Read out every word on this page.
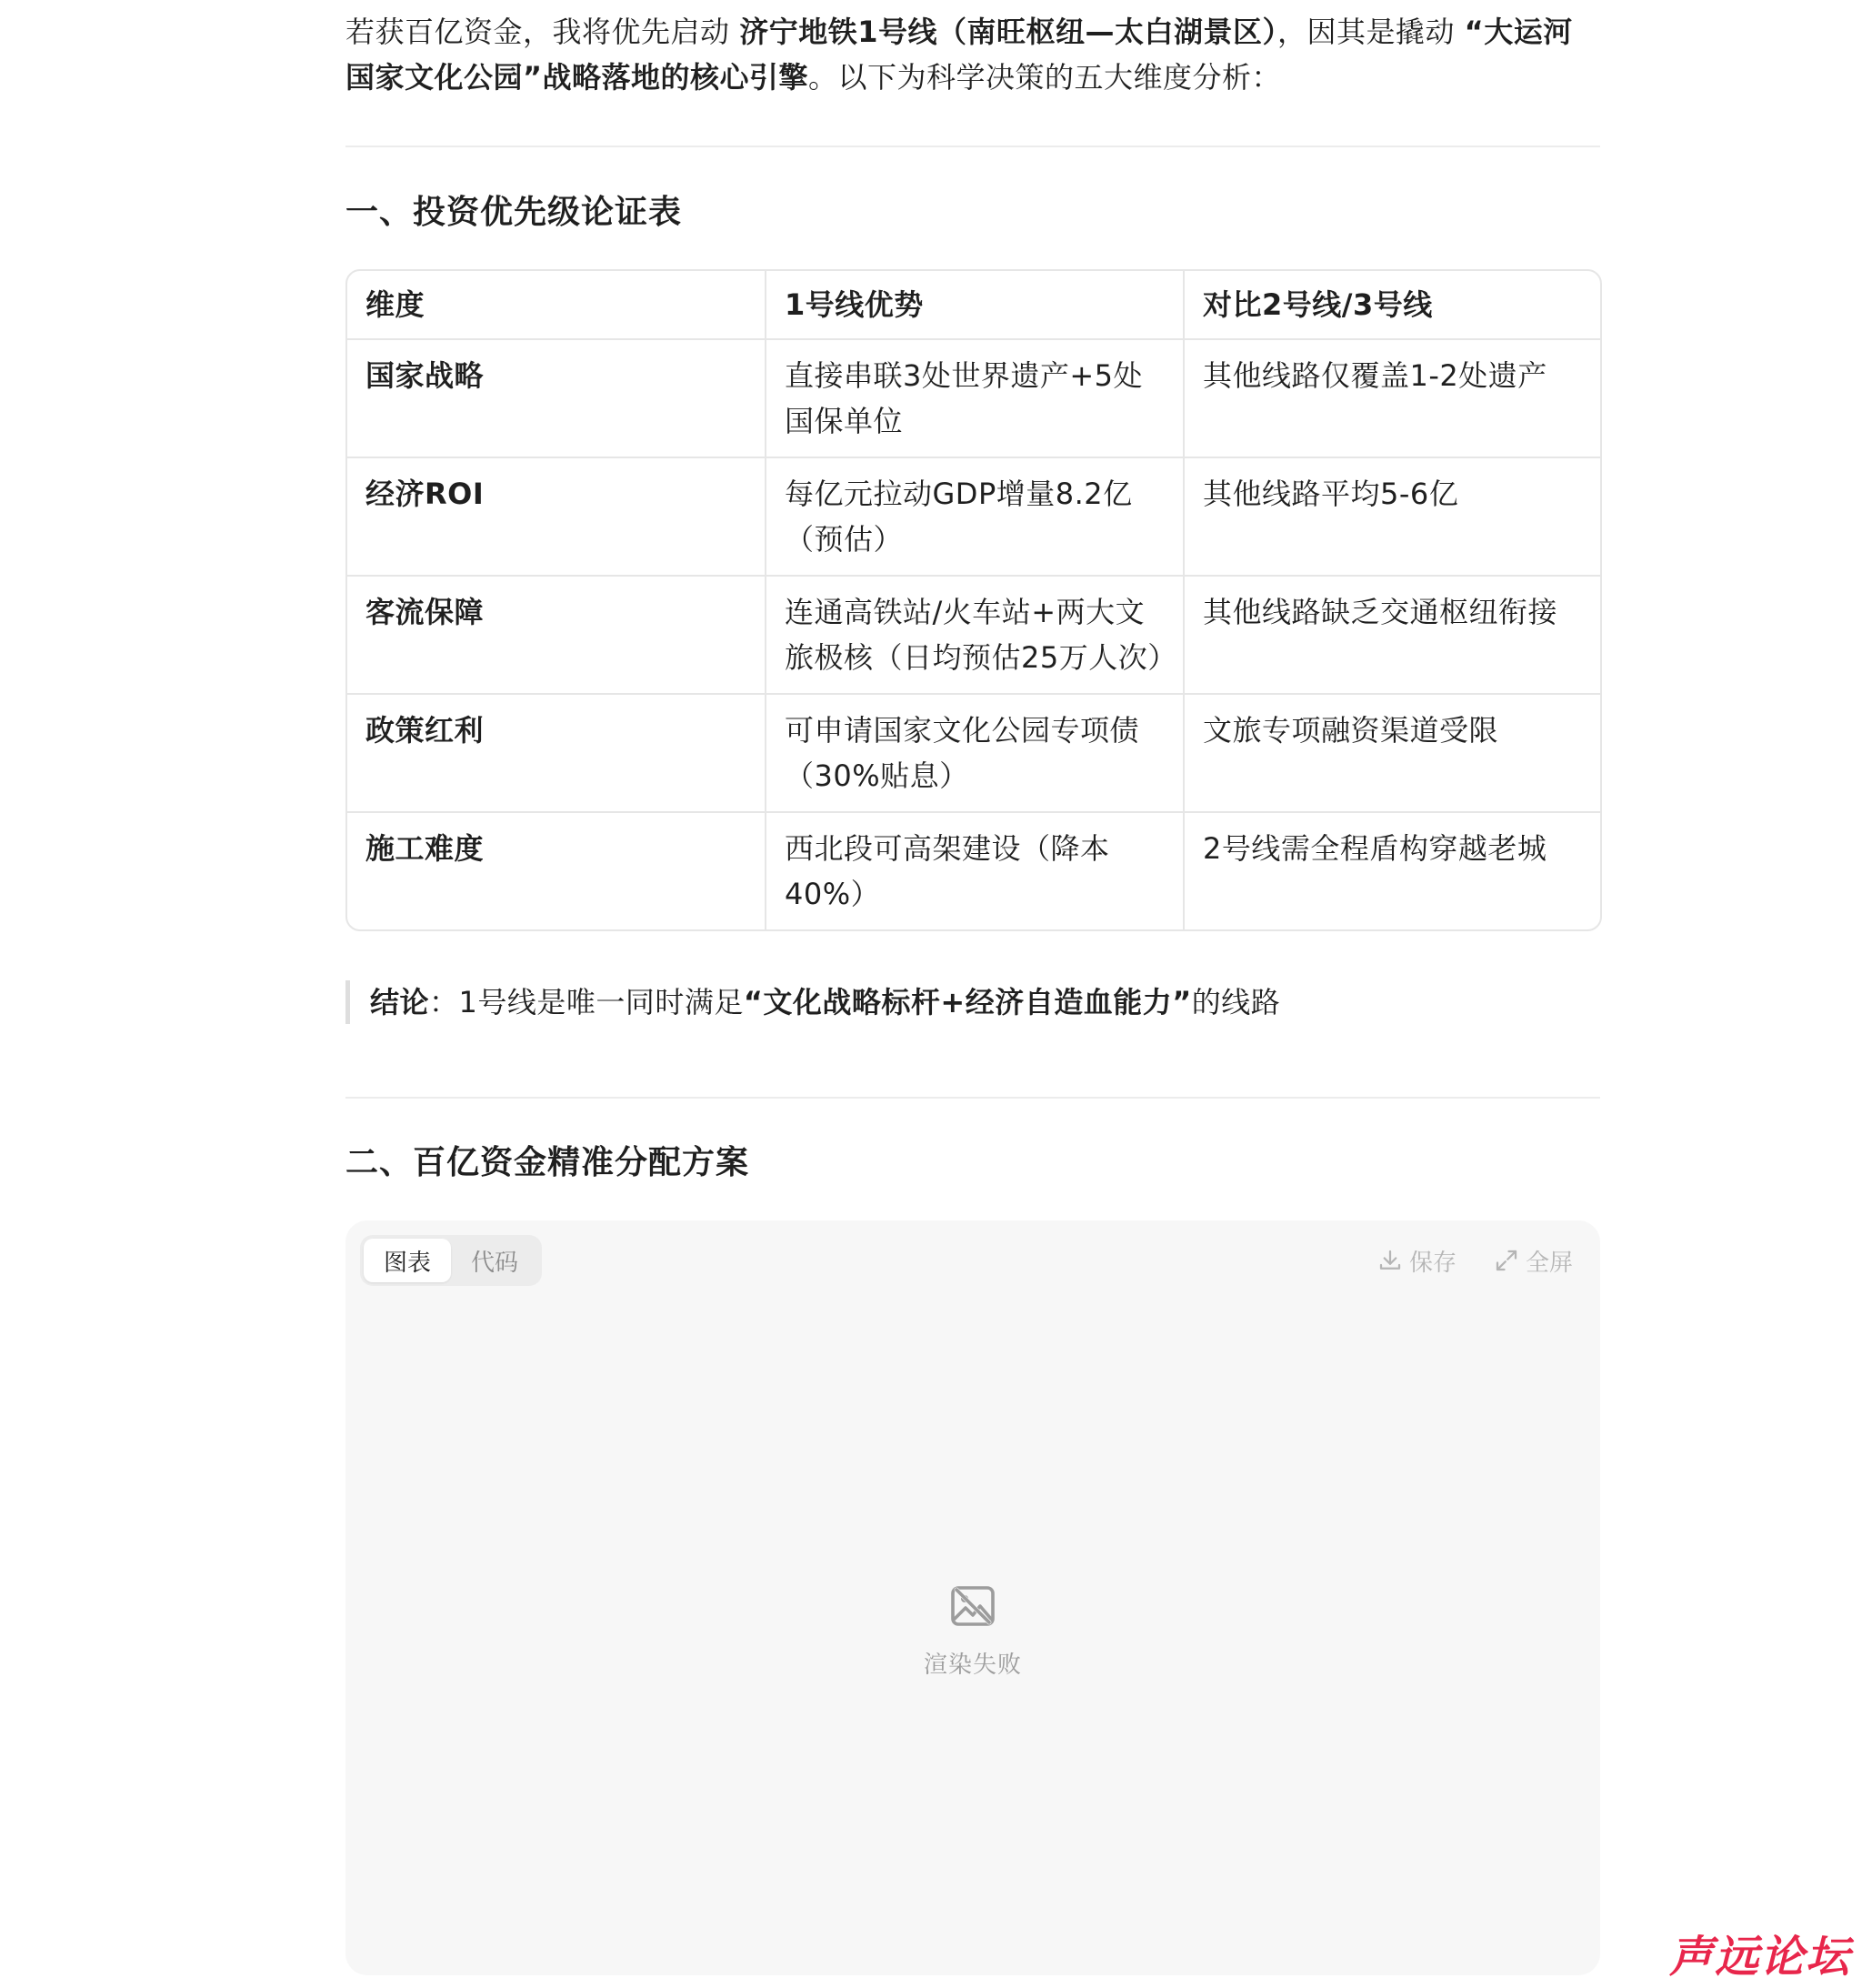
若获百亿资金，我将优先启动 济宁地铁1号线（南旺枢纽—太白湖景区），因其是撬动 “大运河国家文化公园”战略落地的核心引擎。以下为科学决策的五大维度分析：

一、投资优先级论证表
维度	1号线优势	对比2号线/3号线
国家战略	直接串联3处世界遗产+5处国保单位	其他线路仅覆盖1-2处遗产
经济ROI	每亿元拉动GDP增量8.2亿（预估）	其他线路平均5-6亿
客流保障	连通高铁站/火车站+两大文旅极核（日均预估25万人次）	其他线路缺乏交通枢纽衔接
政策红利	可申请国家文化公园专项债（30%贴息）	文旅专项融资渠道受限
施工难度	西北段可高架建设（降本40%）	2号线需全程盾构穿越老城
结论：1号线是唯一同时满足“文化战略标杆+经济自造血能力”的线路
二、百亿资金精准分配方案
图表	代码	保存	全屏
渲染失败
声远论坛
